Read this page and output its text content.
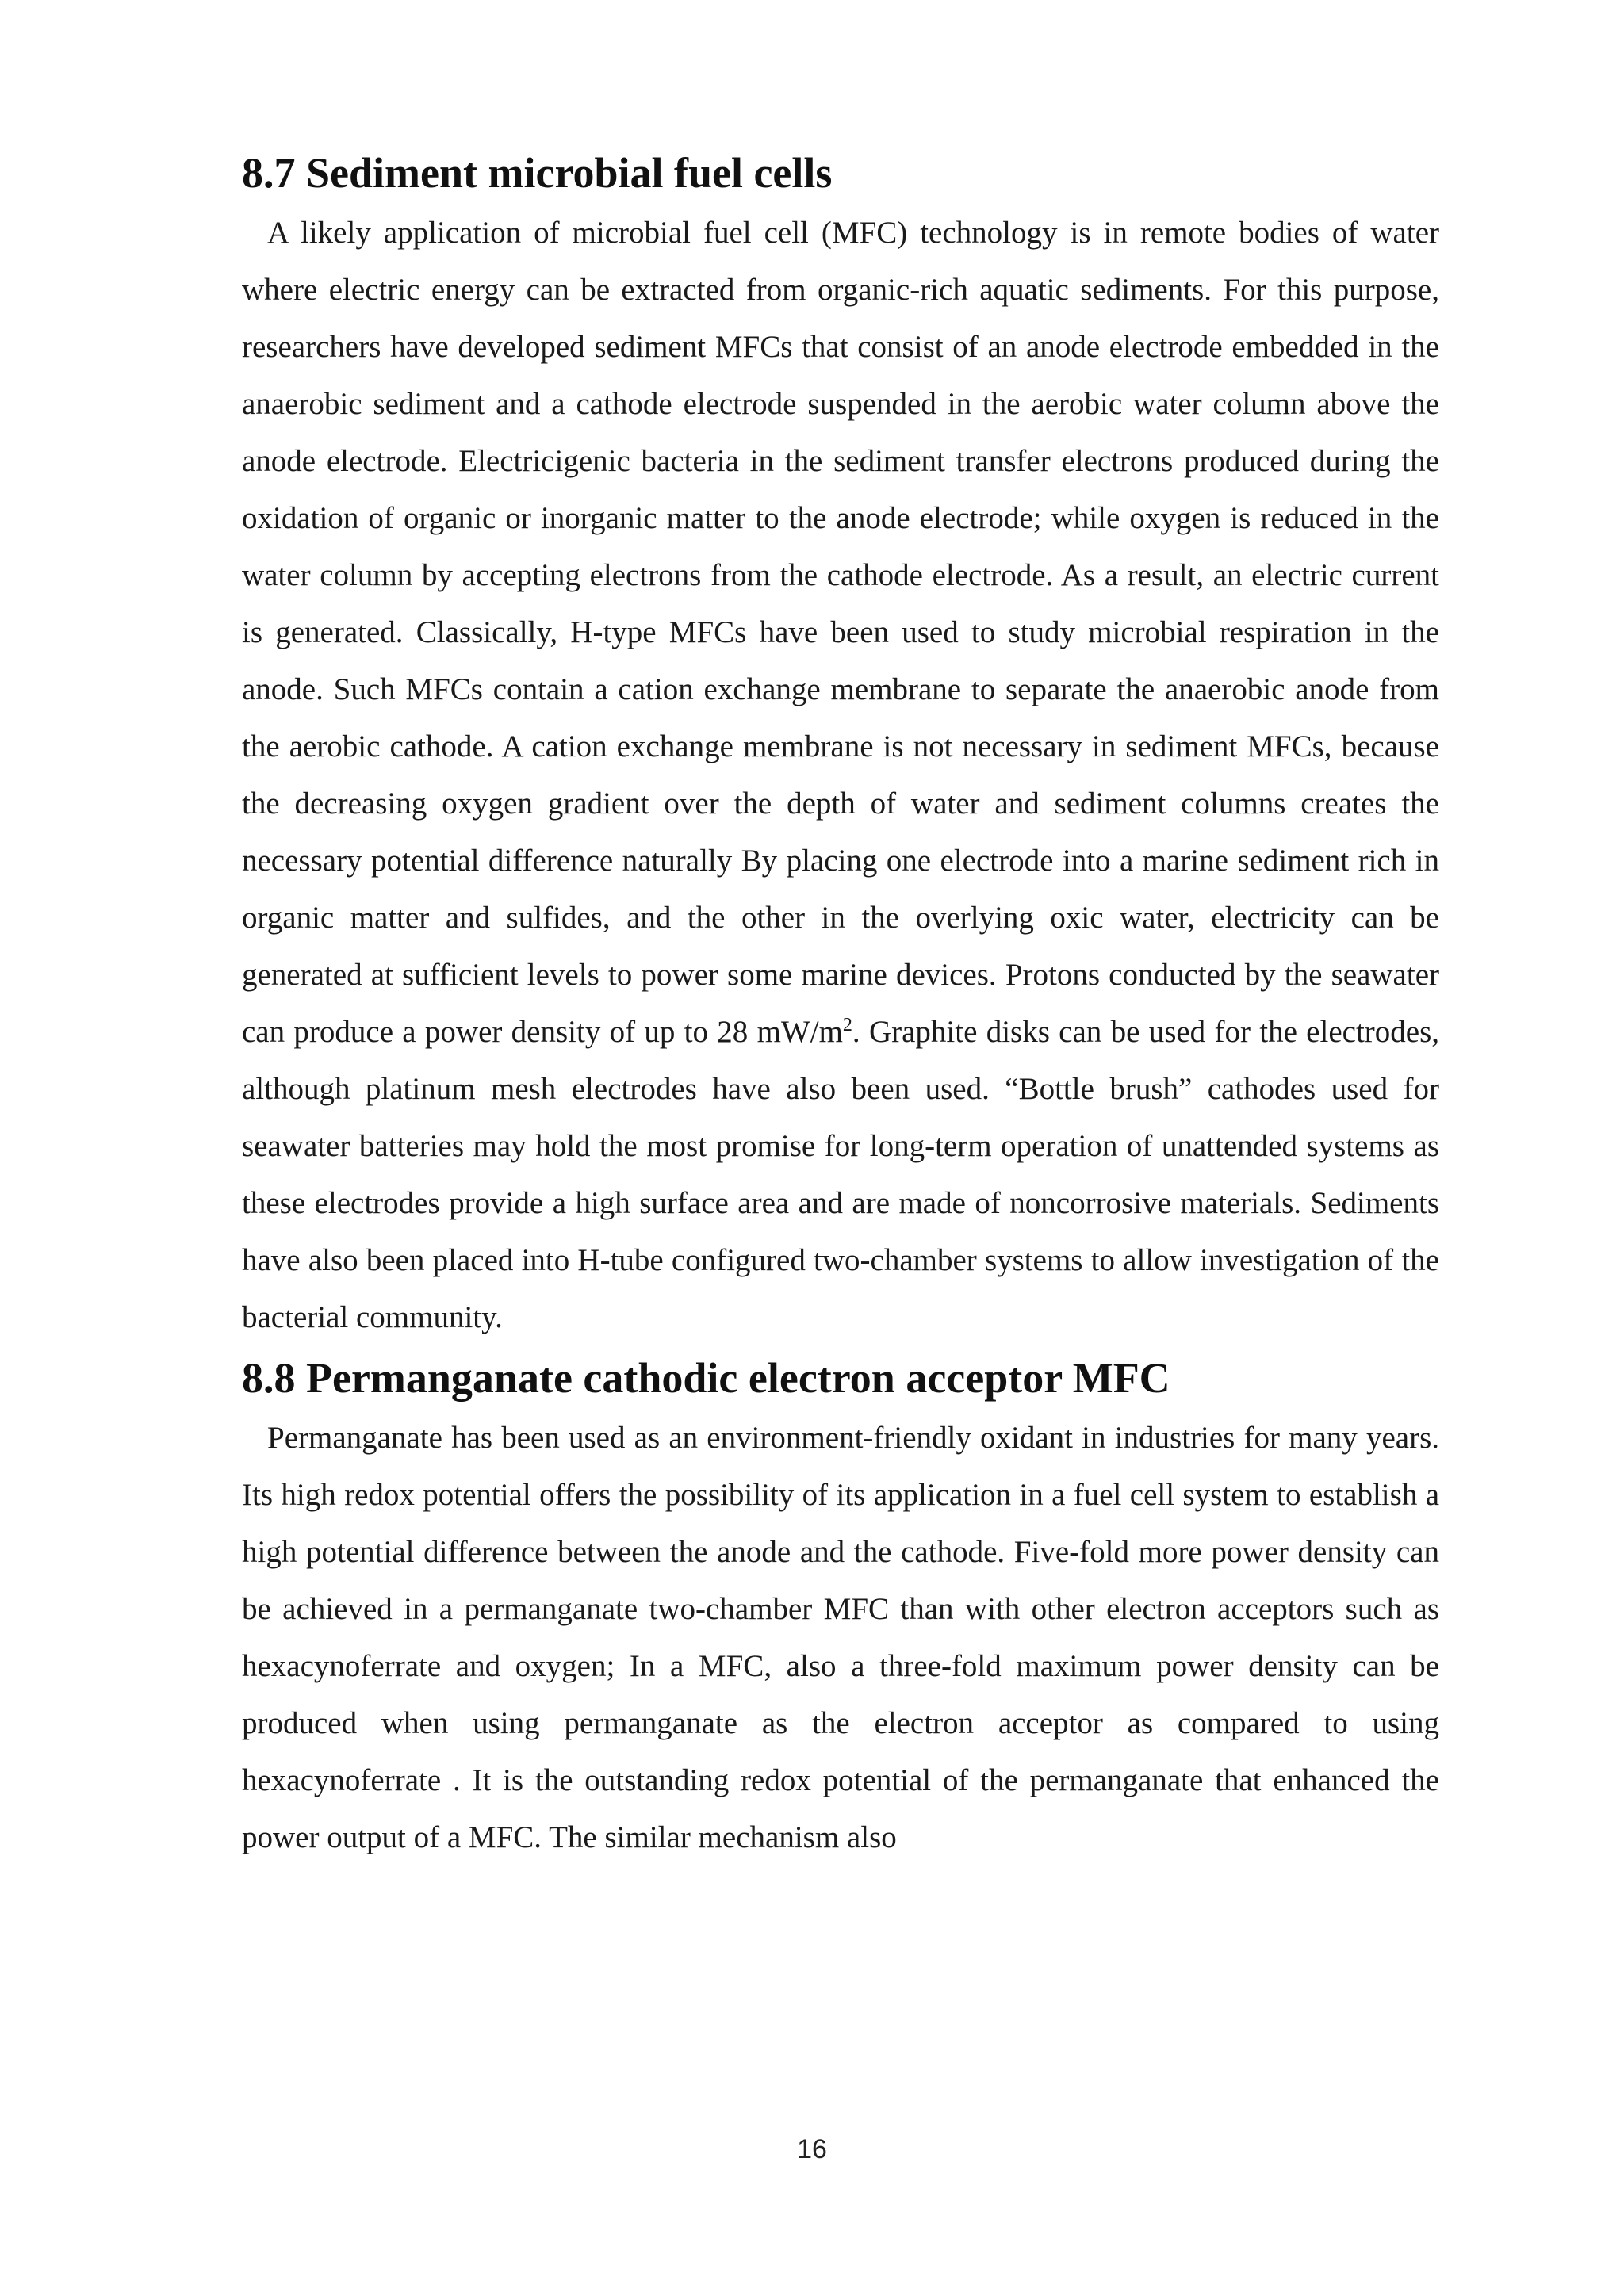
8.7 Sediment microbial fuel cells

A likely application of microbial fuel cell (MFC) technology is in remote bodies of water where electric energy can be extracted from organic-rich aquatic sediments. For this purpose, researchers have developed sediment MFCs that consist of an anode electrode embedded in the anaerobic sediment and a cathode electrode suspended in the aerobic water column above the anode electrode. Electricigenic bacteria in the sediment transfer electrons produced during the oxidation of organic or inorganic matter to the anode electrode; while oxygen is reduced in the water column by accepting electrons from the cathode electrode. As a result, an electric current is generated. Classically, H-type MFCs have been used to study microbial respiration in the anode. Such MFCs contain a cation exchange membrane to separate the anaerobic anode from the aerobic cathode. A cation exchange membrane is not necessary in sediment MFCs, because the decreasing oxygen gradient over the depth of water and sediment columns creates the necessary potential difference naturally By placing one electrode into a marine sediment rich in organic matter and sulfides, and the other in the overlying oxic water, electricity can be generated at sufficient levels to power some marine devices. Protons conducted by the seawater can produce a power density of up to 28 $mW/m^2$. Graphite disks can be used for the electrodes, although platinum mesh electrodes have also been used. “Bottle brush” cathodes used for seawater batteries may hold the most promise for long-term operation of unattended systems as these electrodes provide a high surface area and are made of noncorrosive materials. Sediments have also been placed into H-tube configured two-chamber systems to allow investigation of the bacterial community.

8.8 Permanganate cathodic electron acceptor MFC

Permanganate has been used as an environment-friendly oxidant in industries for many years. Its high redox potential offers the possibility of its application in a fuel cell system to establish a high potential difference between the anode and the cathode. Five-fold more power density can be achieved in a permanganate two-chamber MFC than with other electron acceptors such as hexacynoferrate and oxygen; In a MFC, also a three-fold maximum power density can be produced when using permanganate as the electron acceptor as compared to using hexacynoferrate . It is the outstanding redox potential of the permanganate that enhanced the power output of a MFC. The similar mechanism also

16
